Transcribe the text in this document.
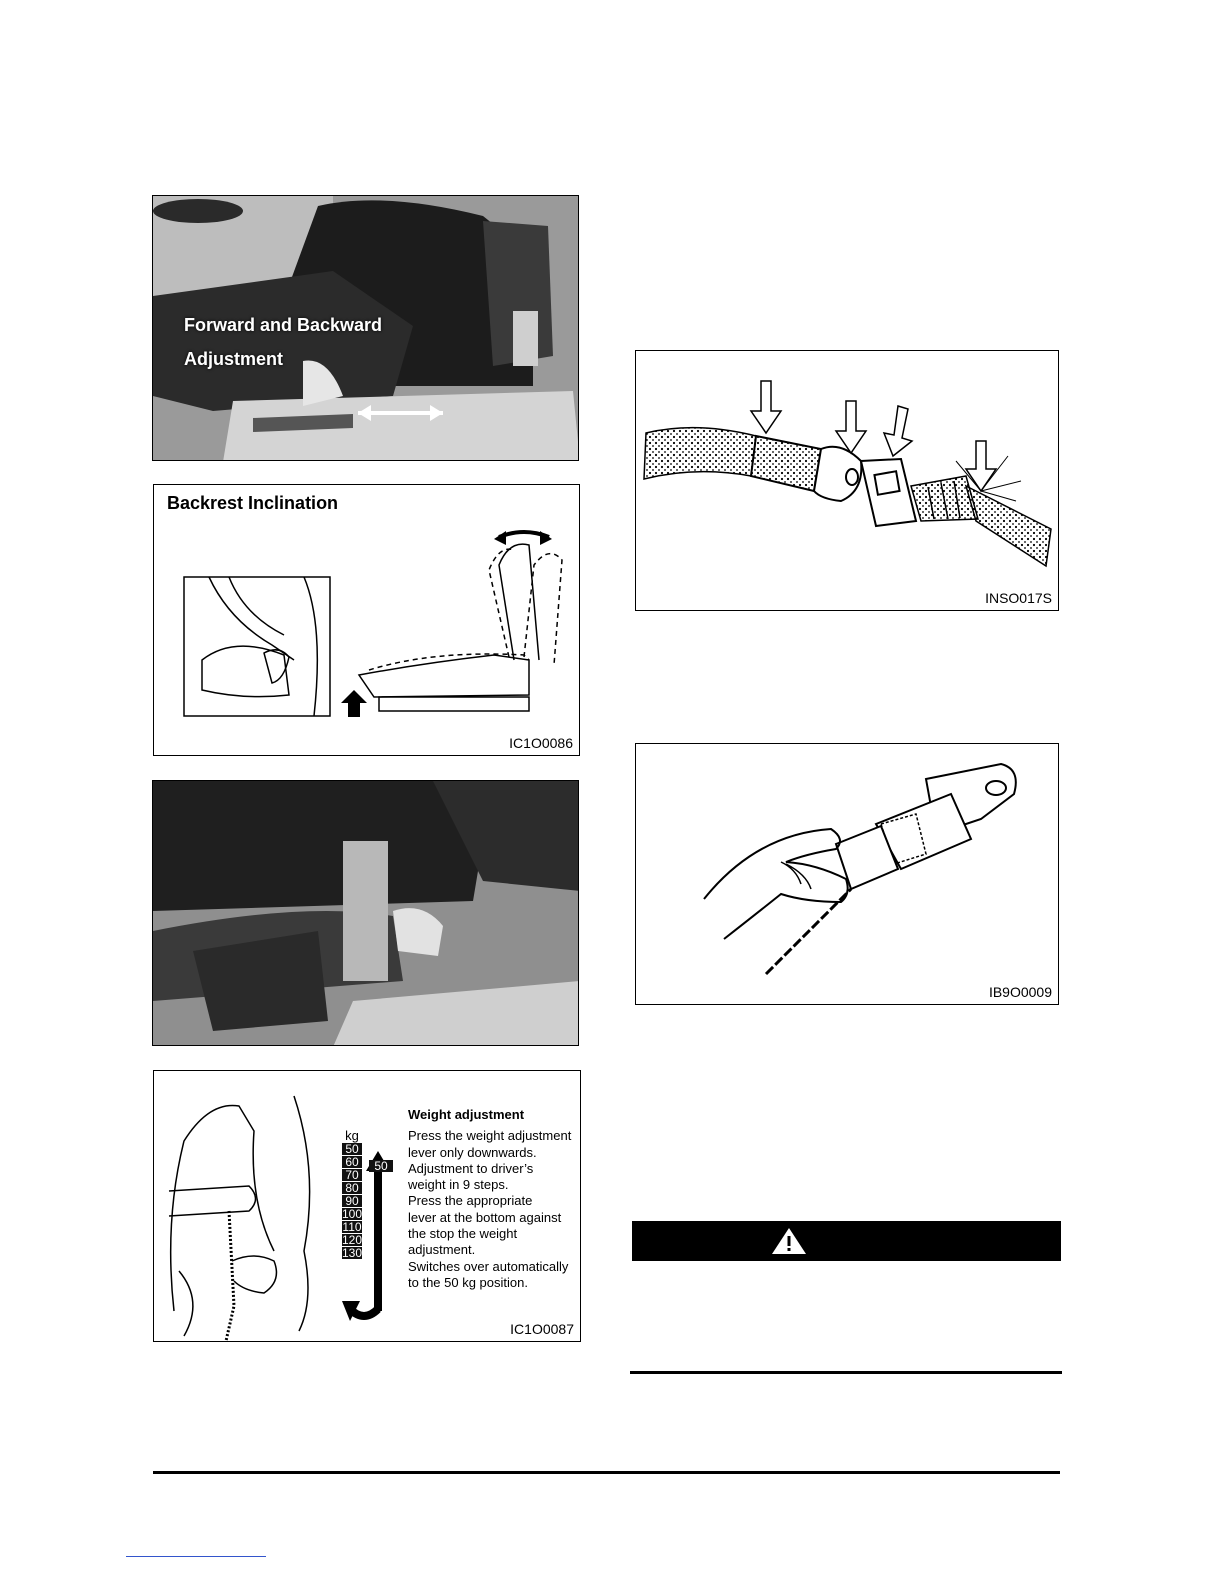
Forward and Backward
Adjustment
Backrest Inclination
IC1O0086
kg
50
60
70
80
90
100
110
120
130
50
Weight adjustment
Press the weight adjustment
lever only downwards.
Adjustment to driver’s
weight in 9 steps.
Press the appropriate
lever at the bottom against
the stop the weight
adjustment.
Switches over automatically
to the 50 kg position.
IC1O0087
INSO017S
IB9O0009
